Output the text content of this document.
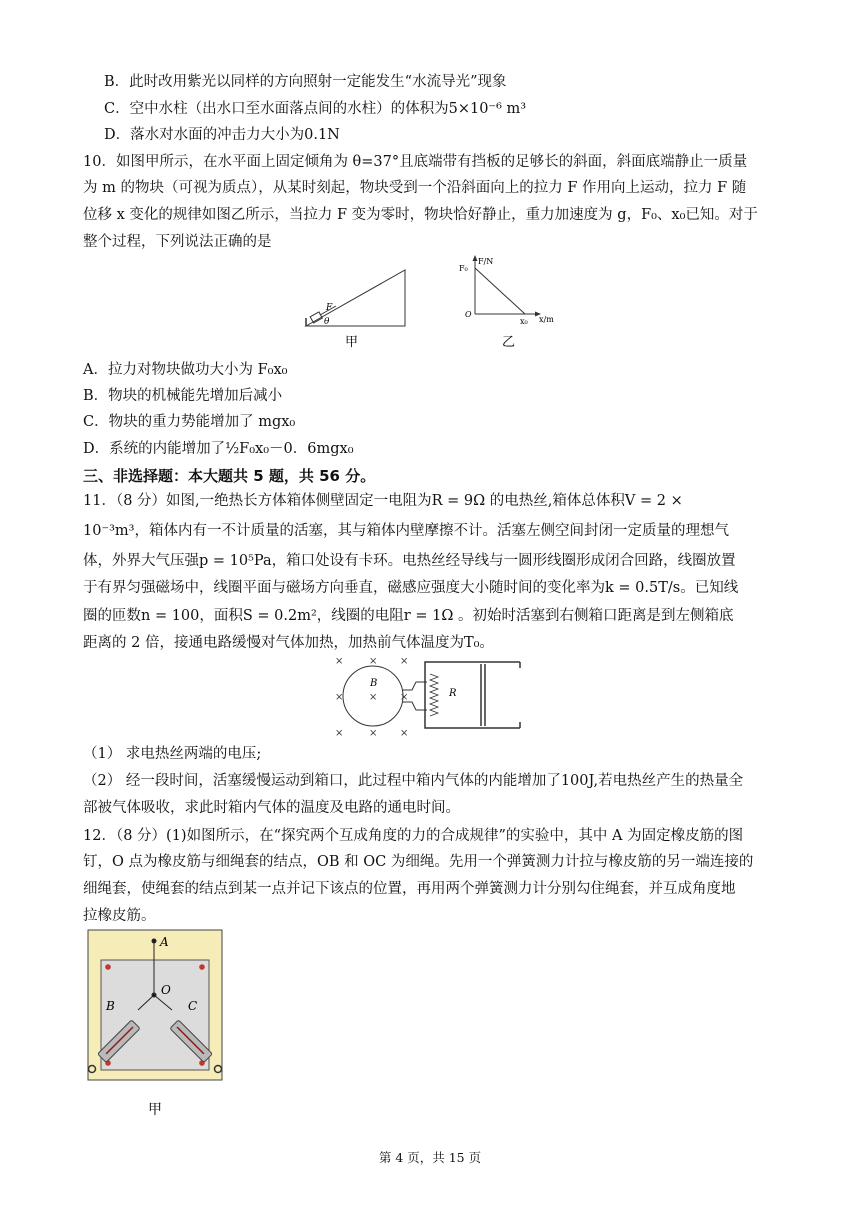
B．此时改用紫光以同样的方向照射一定能发生“水流导光”现象
C．空中水柱（出水口至水面落点间的水柱）的体积为5×10⁻⁶ m³
D．落水对水面的冲击力大小为0.1N
10．如图甲所示，在水平面上固定倾角为 θ=37°且底端带有挡板的足够长的斜面，斜面底端静止一质量
为 m 的物块（可视为质点），从某时刻起，物块受到一个沿斜面向上的拉力 F 作用向上运动，拉力 F 随
位移 x 变化的规律如图乙所示，当拉力 F 变为零时，物块恰好静止，重力加速度为 g，F₀、x₀已知。对于
整个过程，下列说法正确的是
F
θ
甲
F/N
F₀
O
x₀ x/m
乙
A．拉力对物块做功大小为 F₀x₀
B．物块的机械能先增加后减小
C．物块的重力势能增加了 mgx₀
D．系统的内能增加了½F₀x₀－0．6mgx₀
三、非选择题：本大题共 5 题，共 56 分。
11．（8 分）如图,一绝热长方体箱体侧壁固定一电阻为R = 9Ω 的电热丝,箱体总体积V = 2 ×
10⁻³m³，箱体内有一不计质量的活塞，其与箱体内壁摩擦不计。活塞左侧空间封闭一定质量的理想气
体，外界大气压强p = 10⁵Pa，箱口处设有卡环。电热丝经导线与一圆形线圈形成闭合回路，线圈放置
于有界匀强磁场中，线圈平面与磁场方向垂直，磁感应强度大小随时间的变化率为k = 0.5T/s。已知线
圈的匝数n = 100，面积S = 0.2m²，线圈的电阻r = 1Ω 。初始时活塞到右侧箱口距离是到左侧箱底
距离的 2 倍，接通电路缓慢对气体加热，加热前气体温度为T₀。
×	× ×
×	× ×
×	× ×
B
R
（1） 求电热丝两端的电压;
（2） 经一段时间，活塞缓慢运动到箱口，此过程中箱内气体的内能增加了100J,若电热丝产生的热量全
部被气体吸收，求此时箱内气体的温度及电路的通电时间。
12．（8 分）(1)如图所示，在“探究两个互成角度的力的合成规律”的实验中，其中 A 为固定橡皮筋的图
钉，O 点为橡皮筋与细绳套的结点，OB 和 OC 为细绳。先用一个弹簧测力计拉与橡皮筋的另一端连接的
细绳套，使绳套的结点到某一点并记下该点的位置，再用两个弹簧测力计分别勾住绳套，并互成角度地
拉橡皮筋。
A
O
B	C
甲
第 4 页，共 15 页
